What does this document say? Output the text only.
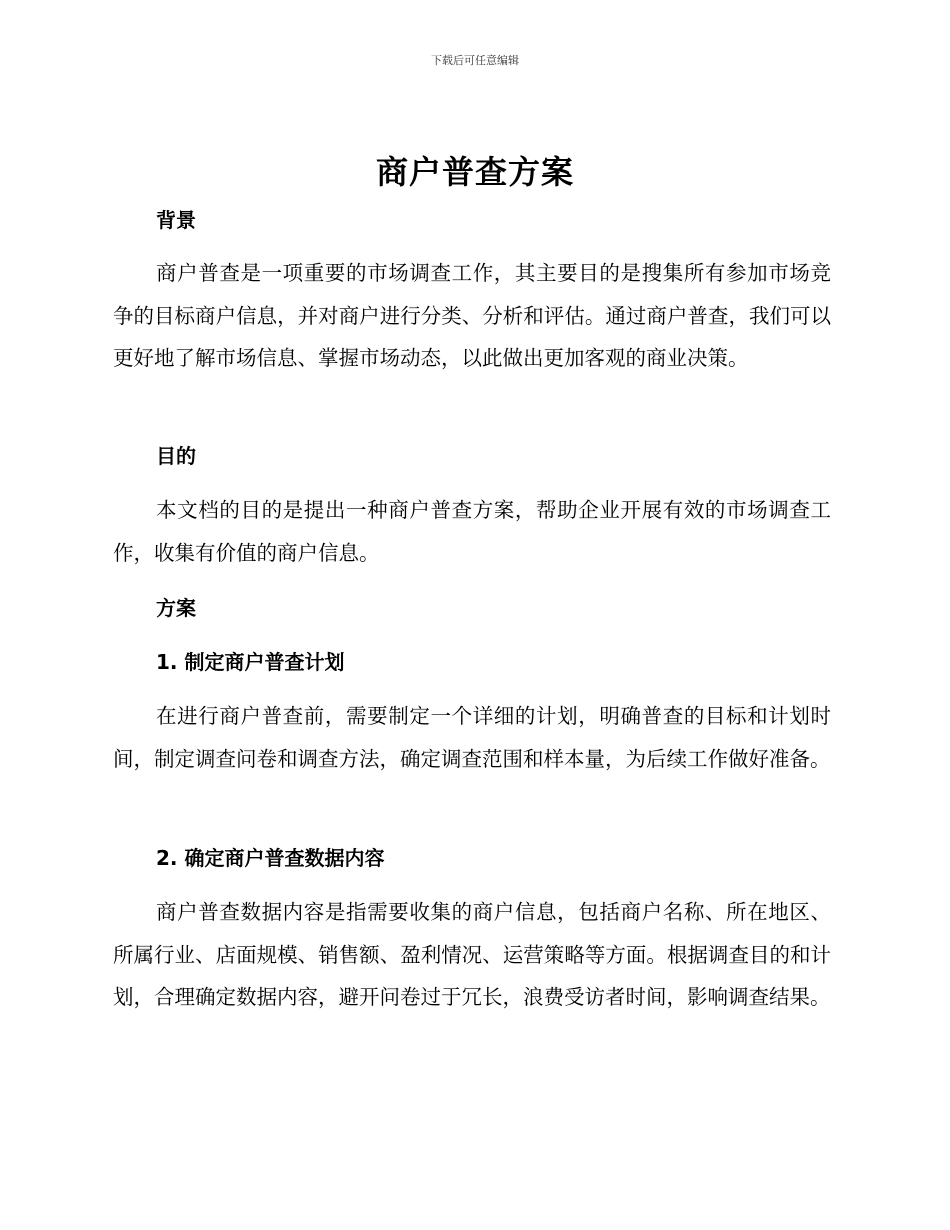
下载后可任意编辑
商户普查方案
背景

商户普查是一项重要的市场调查工作，其主要目的是搜集所有参加市场竞争的目标商户信息，并对商户进行分类、分析和评估。通过商户普查，我们可以更好地了解市场信息、掌握市场动态，以此做出更加客观的商业决策。

目的

本文档的目的是提出一种商户普查方案，帮助企业开展有效的市场调查工作，收集有价值的商户信息。

方案
1. 制定商户普查计划

在进行商户普查前，需要制定一个详细的计划，明确普查的目标和计划时间，制定调查问卷和调查方法，确定调查范围和样本量，为后续工作做好准备。

2. 确定商户普查数据内容

商户普查数据内容是指需要收集的商户信息，包括商户名称、所在地区、所属行业、店面规模、销售额、盈利情况、运营策略等方面。根据调查目的和计划，合理确定数据内容，避开问卷过于冗长，浪费受访者时间，影响调查结果。
